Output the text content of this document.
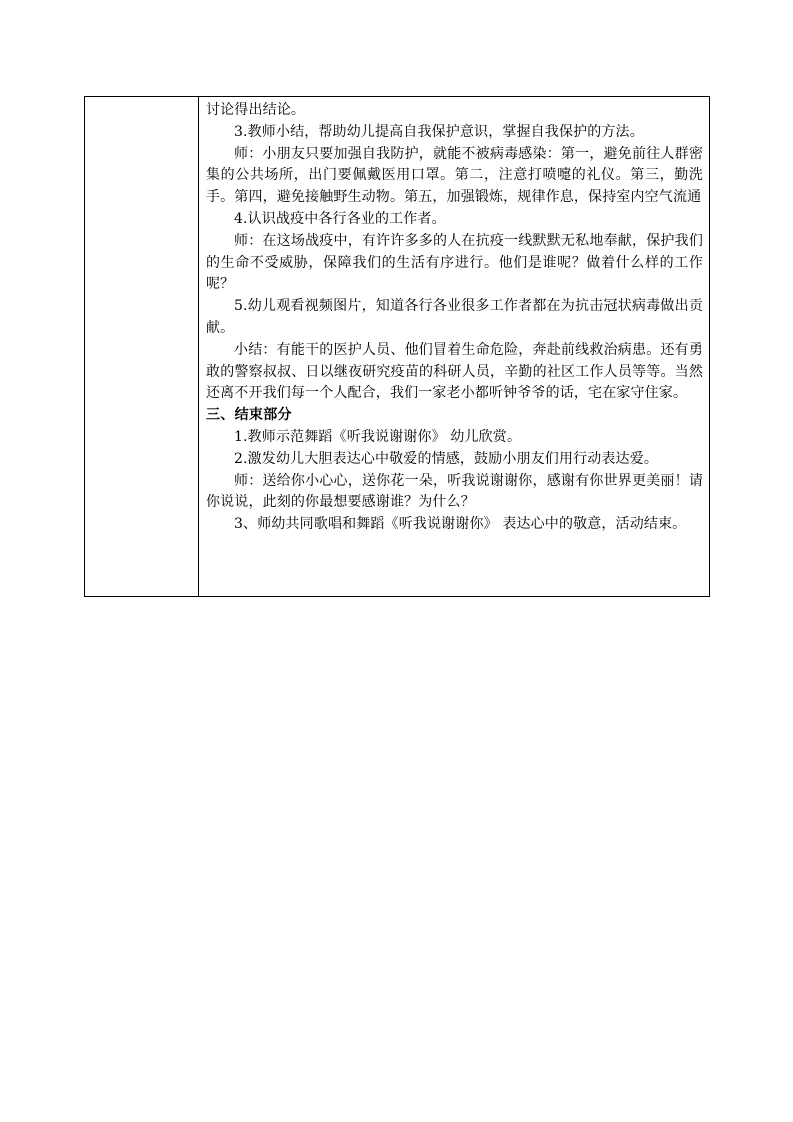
讨论得出结论。

3.教师小结，帮助幼儿提高自我保护意识，掌握自我保护的方法。

师：小朋友只要加强自我防护，就能不被病毒感染：第一，避免前往人群密集的公共场所，出门要佩戴医用口罩。第二，注意打喷嚏的礼仪。第三，勤洗手。第四，避免接触野生动物。第五，加强锻炼，规律作息，保持室内空气流通

4.认识战疫中各行各业的工作者。

师：在这场战疫中，有许许多多的人在抗疫一线默默无私地奉献，保护我们的生命不受威胁，保障我们的生活有序进行。他们是谁呢？做着什么样的工作呢？

5.幼儿观看视频图片，知道各行各业很多工作者都在为抗击冠状病毒做出贡献。

小结：有能干的医护人员、他们冒着生命危险，奔赴前线救治病患。还有勇敢的警察叔叔、日以继夜研究疫苗的科研人员，辛勤的社区工作人员等等。当然还离不开我们每一个人配合，我们一家老小都听钟爷爷的话，宅在家守住家。

三、结束部分

1.教师示范舞蹈《听我说谢谢你》 幼儿欣赏。

2.激发幼儿大胆表达心中敬爱的情感，鼓励小朋友们用行动表达爱。

师：送给你小心心，送你花一朵，听我说谢谢你，感谢有你世界更美丽！请你说说，此刻的你最想要感谢谁？为什么？

3、师幼共同歌唱和舞蹈《听我说谢谢你》 表达心中的敬意，活动结束。
